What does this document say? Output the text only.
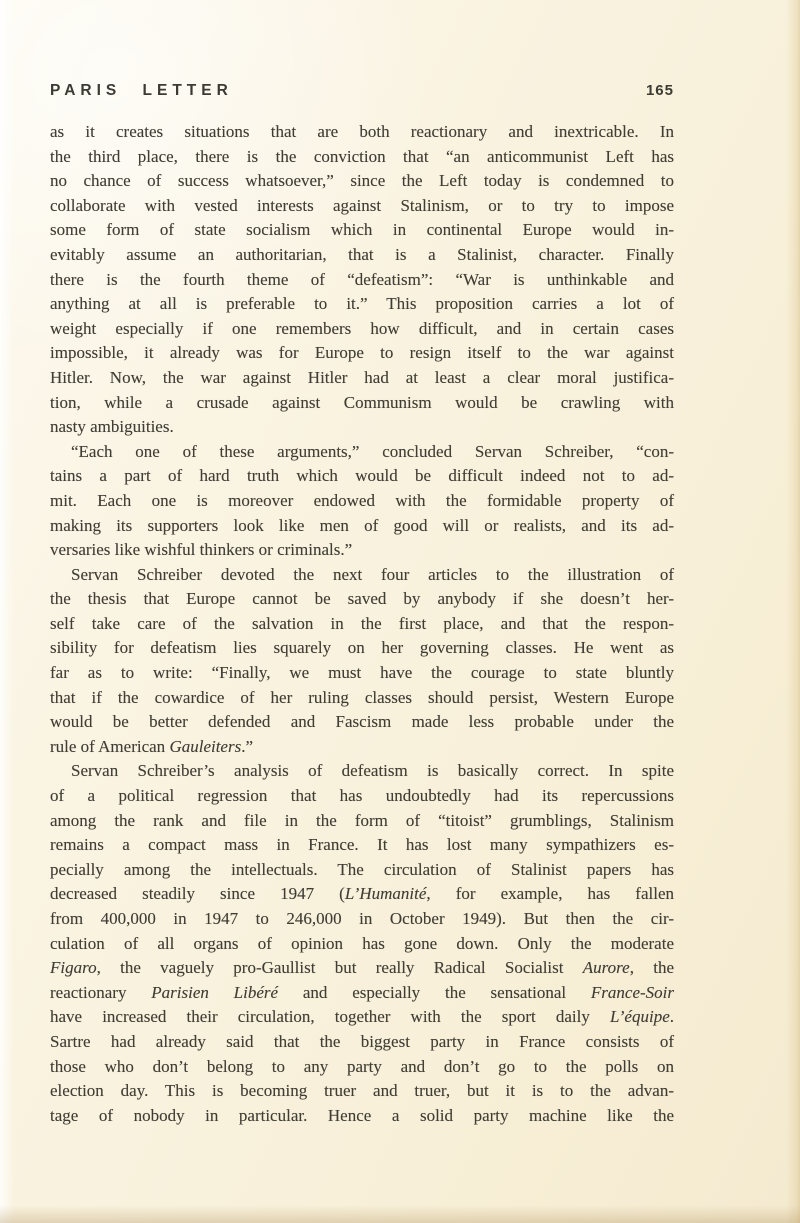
PARIS LETTER	165
as it creates situations that are both reactionary and inextricable. In
the third place, there is the conviction that “an anticommunist Left has
no chance of success whatsoever,” since the Left today is condemned to
collaborate with vested interests against Stalinism, or to try to impose
some form of state socialism which in continental Europe would in-
evitably assume an authoritarian, that is a Stalinist, character. Finally
there is the fourth theme of “defeatism”: “War is unthinkable and
anything at all is preferable to it.” This proposition carries a lot of
weight especially if one remembers how difficult, and in certain cases
impossible, it already was for Europe to resign itself to the war against
Hitler. Now, the war against Hitler had at least a clear moral justifica-
tion, while a crusade against Communism would be crawling with
nasty ambiguities.
“Each one of these arguments,” concluded Servan Schreiber, “con-
tains a part of hard truth which would be difficult indeed not to ad-
mit. Each one is moreover endowed with the formidable property of
making its supporters look like men of good will or realists, and its ad-
versaries like wishful thinkers or criminals.”
Servan Schreiber devoted the next four articles to the illustration of
the thesis that Europe cannot be saved by anybody if she doesn’t her-
self take care of the salvation in the first place, and that the respon-
sibility for defeatism lies squarely on her governing classes. He went as
far as to write: “Finally, we must have the courage to state bluntly
that if the cowardice of her ruling classes should persist, Western Europe
would be better defended and Fascism made less probable under the
rule of American Gauleiters.”
Servan Schreiber’s analysis of defeatism is basically correct. In spite
of a political regression that has undoubtedly had its repercussions
among the rank and file in the form of “titoist” grumblings, Stalinism
remains a compact mass in France. It has lost many sympathizers es-
pecially among the intellectuals. The circulation of Stalinist papers has
decreased steadily since 1947 (L’Humanité, for example, has fallen
from 400,000 in 1947 to 246,000 in October 1949). But then the cir-
culation of all organs of opinion has gone down. Only the moderate
Figaro, the vaguely pro-Gaullist but really Radical Socialist Aurore, the
reactionary Parisien Libéré and especially the sensational France-Soir
have increased their circulation, together with the sport daily L’équipe.
Sartre had already said that the biggest party in France consists of
those who don’t belong to any party and don’t go to the polls on
election day. This is becoming truer and truer, but it is to the advan-
tage of nobody in particular. Hence a solid party machine like the
